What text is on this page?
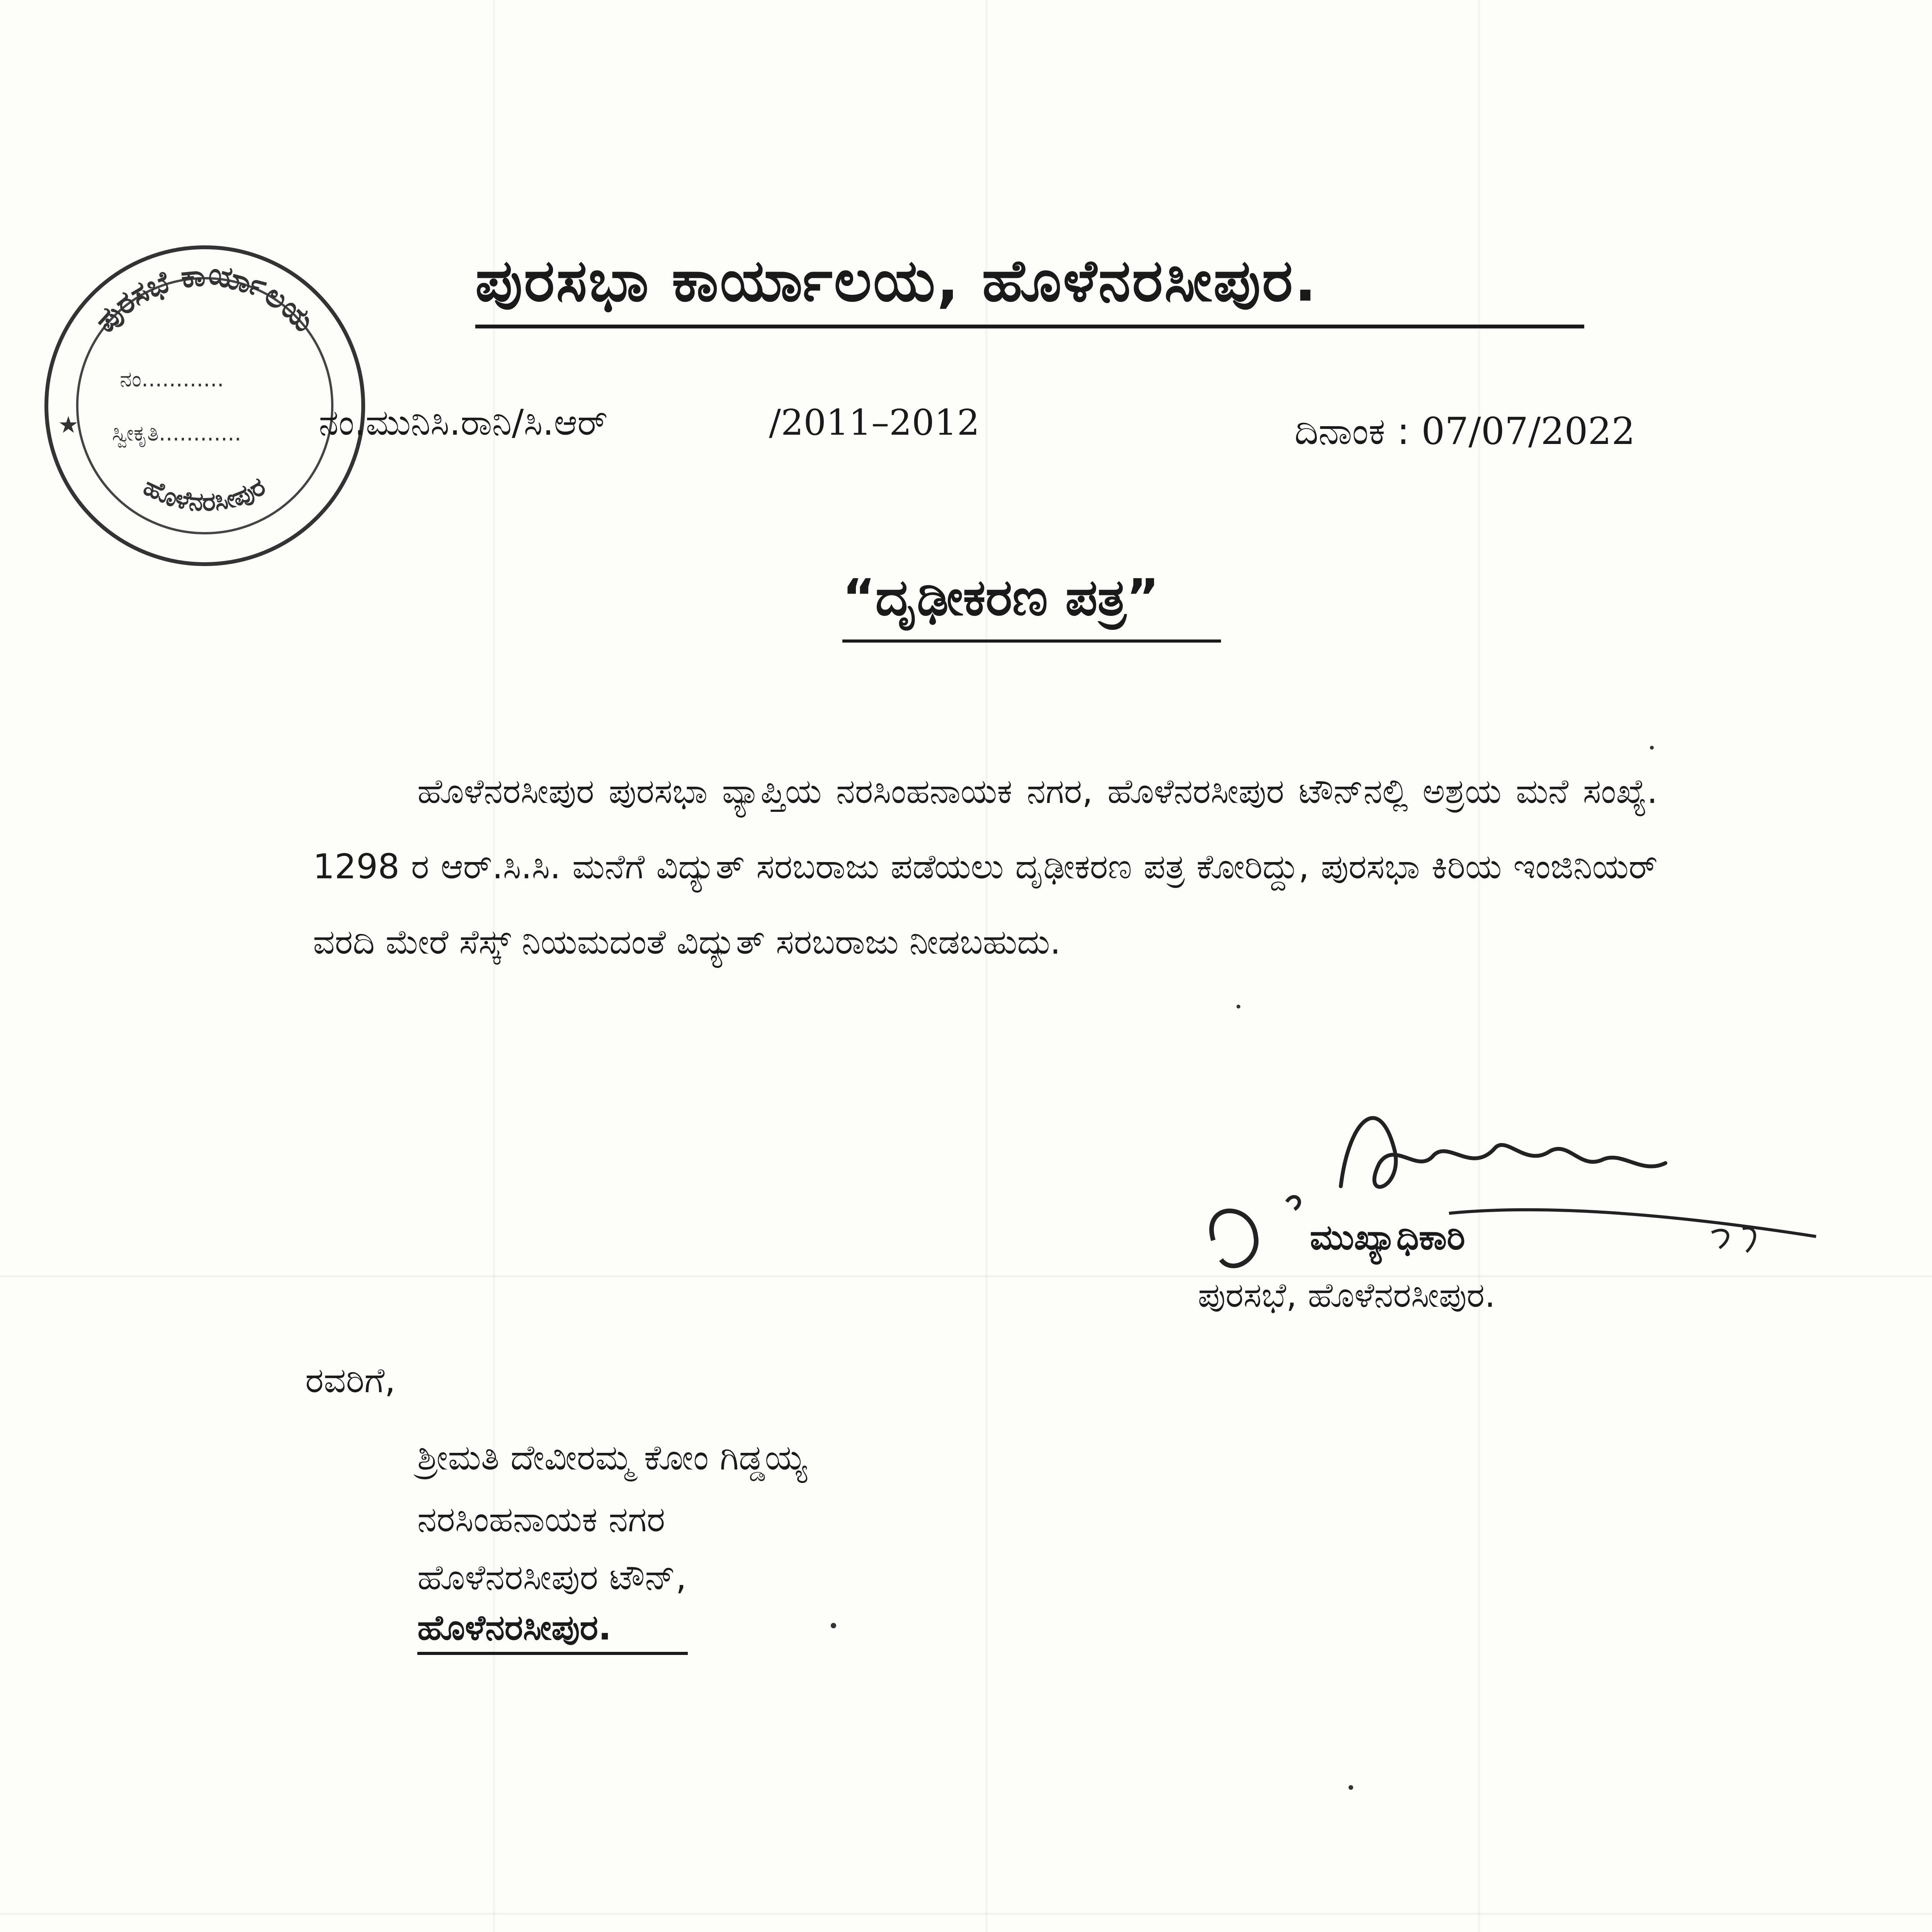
ಪುರಸಭೆ ಕಾರ್ಯಾಲಯ
ನಂ............
ಸ್ವೀಕೃತಿ............
ಹೊಳೆನರಸೀಪುರ
★
ಪುರಸಭಾ ಕಾರ್ಯಾಲಯ, ಹೊಳೆನರಸೀಪುರ.
ನಂ.ಮುನಿಸಿ.ರಾನಿ/ಸಿ.ಆರ್	/2011–2012	ದಿನಾಂಕ : 07/07/2022
“ದೃಢೀಕರಣ ಪತ್ರ”
ಹೊಳೆನರಸೀಪುರ ಪುರಸಭಾ ವ್ಯಾಪ್ತಿಯ ನರಸಿಂಹನಾಯಕ ನಗರ, ಹೊಳೆನರಸೀಪುರ ಟೌನ್‌ನಲ್ಲಿ ಅಶ್ರಯ ಮನೆ ಸಂಖ್ಯೆ. 1298 ರ ಆರ್.ಸಿ.ಸಿ. ಮನೆಗೆ ವಿದ್ಯುತ್ ಸರಬರಾಜು ಪಡೆಯಲು ದೃಢೀಕರಣ ಪತ್ರ ಕೋರಿದ್ದು, ಪುರಸಭಾ ಕಿರಿಯ ಇಂಜಿನಿಯರ್ ವರದಿ ಮೇರೆ ಸೆಸ್ಕ್ ನಿಯಮದಂತೆ ವಿದ್ಯುತ್ ಸರಬರಾಜು ನೀಡಬಹುದು.
ಮುಖ್ಯಾಧಿಕಾರಿ
ಪುರಸಭೆ, ಹೊಳೆನರಸೀಪುರ.
ರವರಿಗೆ,
ಶ್ರೀಮತಿ ದೇವೀರಮ್ಮ ಕೋಂ ಗಿಡ್ಡಯ್ಯ
ನರಸಿಂಹನಾಯಕ ನಗರ
ಹೊಳೆನರಸೀಪುರ ಟೌನ್,
ಹೊಳೆನರಸೀಪುರ.
